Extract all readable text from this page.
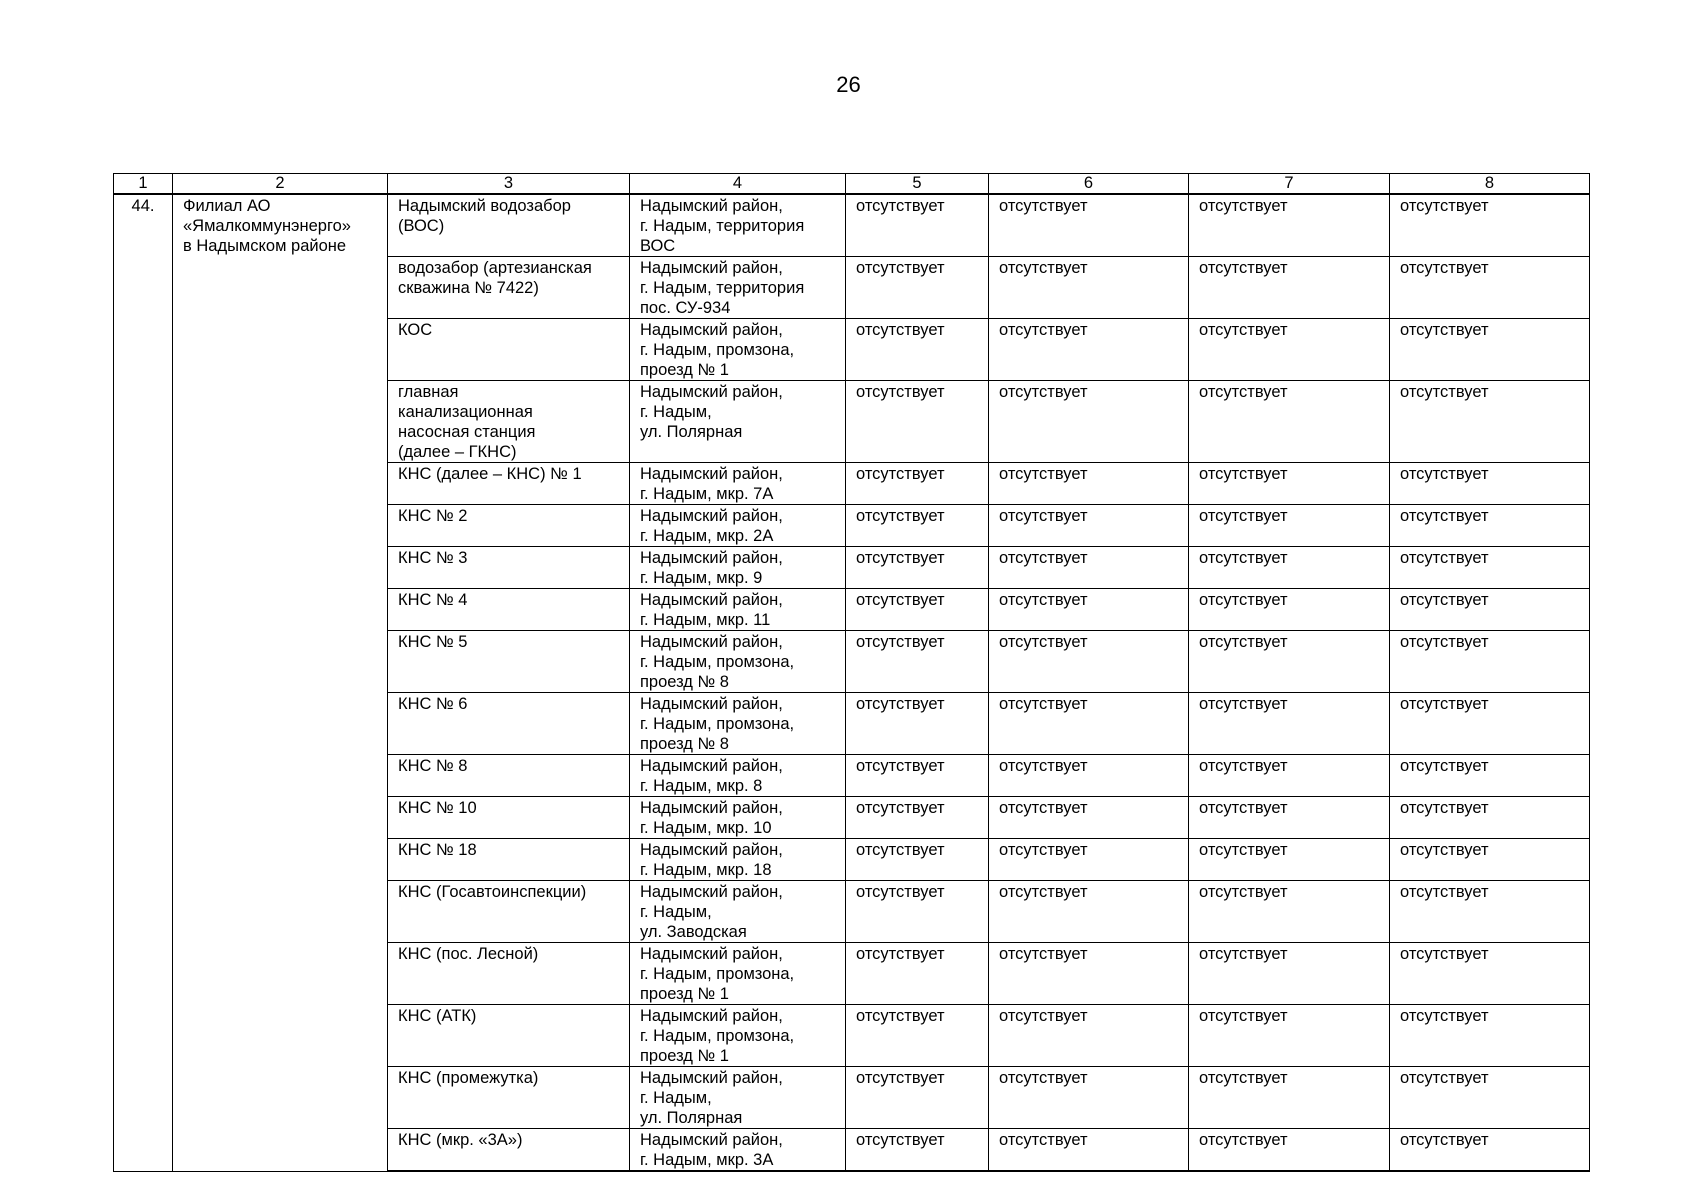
26
1	2	3	4	5	6	7	8
44.	Филиал АО
«Ямалкоммунэнерго»
в Надымском районе	Надымский водозабор
(ВОС)	Надымский район,
г. Надым, территория
ВОС	отсутствует	отсутствует	отсутствует	отсутствует
		водозабор (артезианская
скважина № 7422)	Надымский район,
г. Надым, территория
пос. СУ-934	отсутствует	отсутствует	отсутствует	отсутствует
		КОС	Надымский район,
г. Надым, промзона,
проезд № 1	отсутствует	отсутствует	отсутствует	отсутствует
		главная
канализационная
насосная станция
(далее – ГКНС)	Надымский район,
г. Надым,
ул. Полярная	отсутствует	отсутствует	отсутствует	отсутствует
		КНС (далее – КНС) № 1	Надымский район,
г. Надым, мкр. 7А	отсутствует	отсутствует	отсутствует	отсутствует
		КНС № 2	Надымский район,
г. Надым, мкр. 2А	отсутствует	отсутствует	отсутствует	отсутствует
		КНС № 3	Надымский район,
г. Надым, мкр. 9	отсутствует	отсутствует	отсутствует	отсутствует
		КНС № 4	Надымский район,
г. Надым, мкр. 11	отсутствует	отсутствует	отсутствует	отсутствует
		КНС № 5	Надымский район,
г. Надым, промзона,
проезд № 8	отсутствует	отсутствует	отсутствует	отсутствует
		КНС № 6	Надымский район,
г. Надым, промзона,
проезд № 8	отсутствует	отсутствует	отсутствует	отсутствует
		КНС № 8	Надымский район,
г. Надым, мкр. 8	отсутствует	отсутствует	отсутствует	отсутствует
		КНС № 10	Надымский район,
г. Надым, мкр. 10	отсутствует	отсутствует	отсутствует	отсутствует
		КНС № 18	Надымский район,
г. Надым, мкр. 18	отсутствует	отсутствует	отсутствует	отсутствует
		КНС (Госавтоинспекции)	Надымский район,
г. Надым,
ул. Заводская	отсутствует	отсутствует	отсутствует	отсутствует
		КНС (пос. Лесной)	Надымский район,
г. Надым, промзона,
проезд № 1	отсутствует	отсутствует	отсутствует	отсутствует
		КНС (АТК)	Надымский район,
г. Надым, промзона,
проезд № 1	отсутствует	отсутствует	отсутствует	отсутствует
		КНС (промежутка)	Надымский район,
г. Надым,
ул. Полярная	отсутствует	отсутствует	отсутствует	отсутствует
		КНС (мкр. «3А»)	Надымский район,
г. Надым, мкр. 3А	отсутствует	отсутствует	отсутствует	отсутствует
